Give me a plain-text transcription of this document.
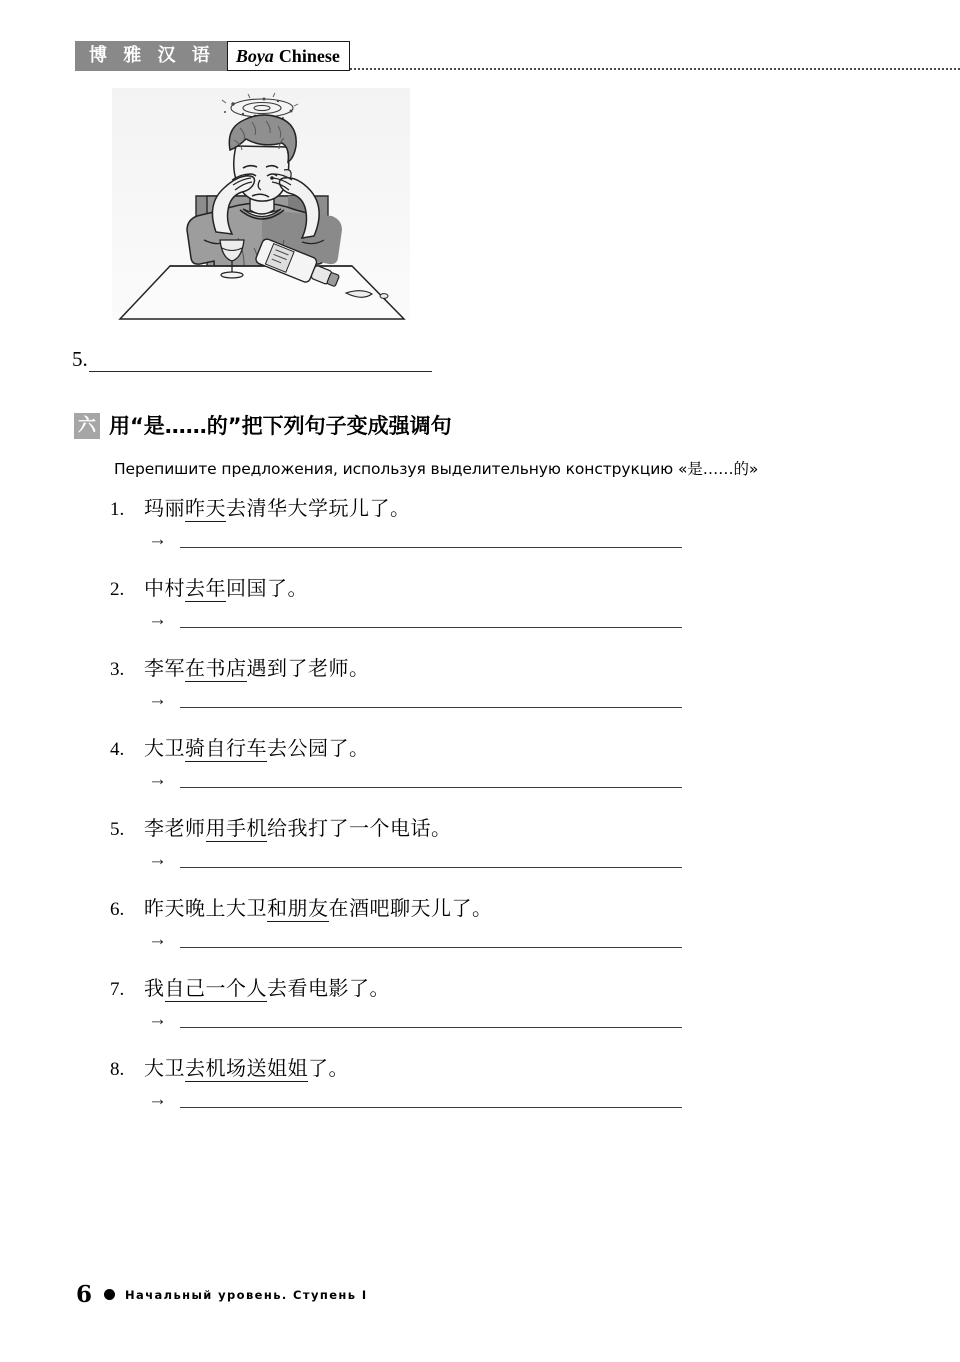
博 雅 汉 语	Boya Chinese
5.
六 用“是……的”把下列句子变成强调句
Перепишите предложения, используя выделительную конструкцию «是……的»
1. 玛丽昨天去清华大学玩儿了。
→
2. 中村去年回国了。
→
3. 李军在书店遇到了老师。
→
4. 大卫骑自行车去公园了。
→
5. 李老师用手机给我打了一个电话。
→
6. 昨天晚上大卫和朋友在酒吧聊天儿了。
→
7. 我自己一个人去看电影了。
→
8. 大卫去机场送姐姐了。
→
6	Начальный уровень. Ступень I
